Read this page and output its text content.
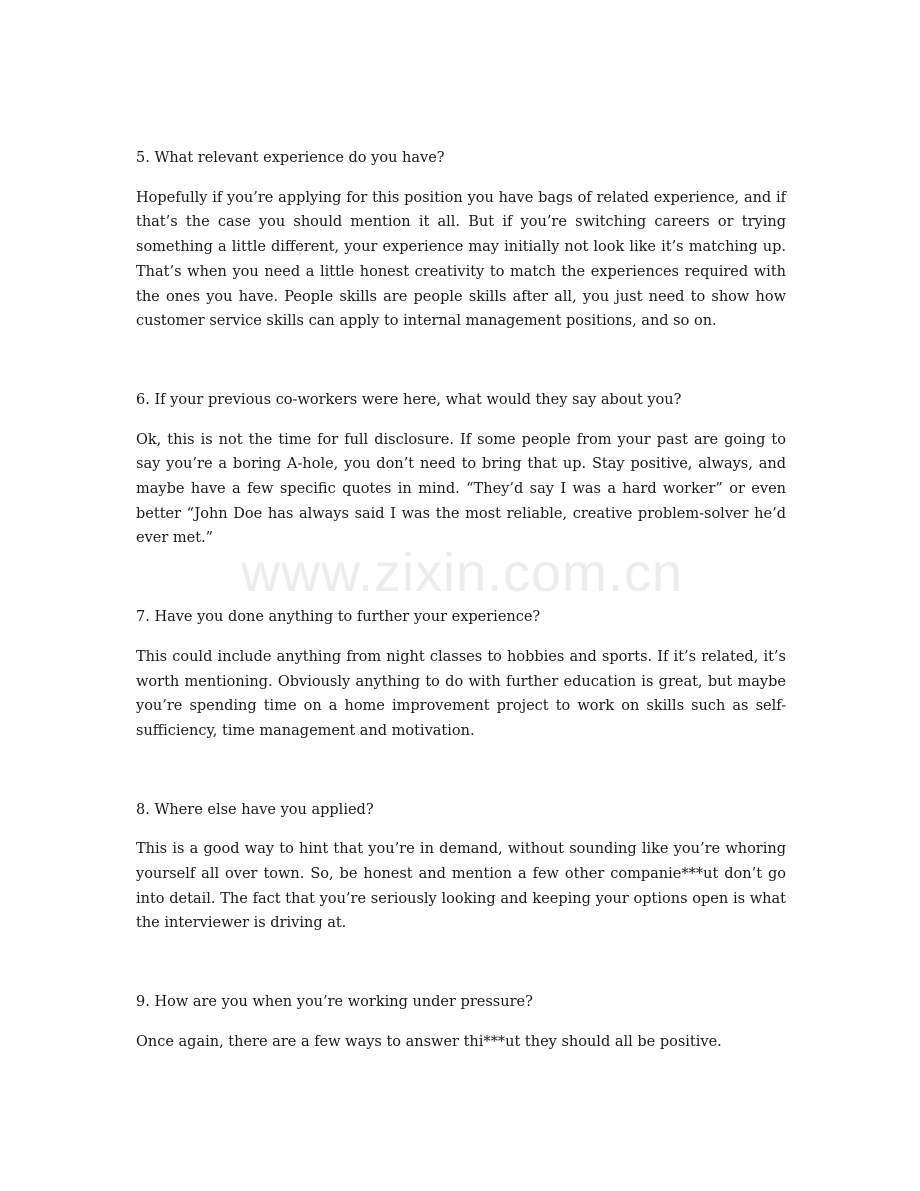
5. What relevant experience do you have?

Hopefully if you’re applying for this position you have bags of related experience, and if that’s the case you should mention it all. But if you’re switching careers or trying something a little different, your experience may initially not look like it’s matching up. That’s when you need a little honest creativity to match the experiences required with the ones you have. People skills are people skills after all, you just need to show how customer service skills can apply to internal management positions, and so on.

6. If your previous co-workers were here, what would they say about you?

Ok, this is not the time for full disclosure. If some people from your past are going to say you’re a boring A-hole, you don’t need to bring that up. Stay positive, always, and maybe have a few specific quotes in mind. “They’d say I was a hard worker” or even better “John Doe has always said I was the most reliable, creative problem-solver he’d ever met.”

7. Have you done anything to further your experience?

This could include anything from night classes to hobbies and sports. If it’s related, it’s worth mentioning. Obviously anything to do with further education is great, but maybe you’re spending time on a home improvement project to work on skills such as self-sufficiency, time management and motivation.

8. Where else have you applied?

This is a good way to hint that you’re in demand, without sounding like you’re whoring yourself all over town. So, be honest and mention a few other companie***ut don’t go into detail. The fact that you’re seriously looking and keeping your options open is what the interviewer is driving at.

9. How are you when you’re working under pressure?

Once again, there are a few ways to answer thi***ut they should all be positive.

www.zixin.com.cn
